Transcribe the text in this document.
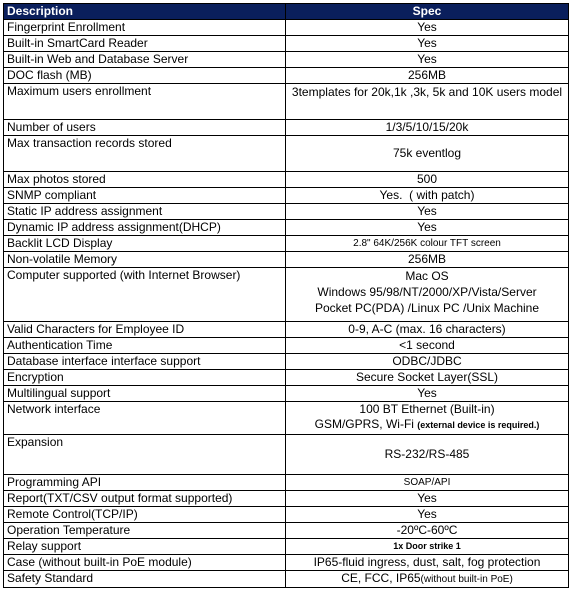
Description	Spec
Fingerprint Enrollment	Yes
Built-in SmartCard Reader	Yes
Built-in Web and Database Server	Yes
DOC flash (MB)	256MB
Maximum users enrollment	3templates for 20k,1k ,3k, 5k and 10K users model
Number of users	1/3/5/10/15/20k
Max transaction records stored	75k eventlog
Max photos stored	500
SNMP compliant	Yes.  ( with patch)
Static IP address assignment	Yes
Dynamic IP address assignment(DHCP)	Yes
Backlit LCD Display	2.8" 64K/256K colour TFT screen
Non-volatile Memory	256MB
Computer supported (with Internet Browser)	Mac OS
Windows 95/98/NT/2000/XP/Vista/Server
Pocket PC(PDA) /Linux PC /Unix Machine

Valid Characters for Employee ID	0-9, A-C (max. 16 characters)
Authentication Time	<1 second
Database interface interface support	ODBC/JDBC
Encryption	Secure Socket Layer(SSL)
Multilingual support	Yes
Network interface	100 BT Ethernet (Built-in)
GSM/GPRS, Wi-Fi (external device is required.)

Expansion	RS-232/RS-485
Programming API	SOAP/API
Report(TXT/CSV output format supported)	Yes
Remote Control(TCP/IP)	Yes
Operation Temperature	-20ºC-60ºC
Relay support	1x Door strike 1
Case (without built-in PoE module)	IP65-fluid ingress, dust, salt, fog protection
Safety Standard	CE, FCC, IP65(without built-in PoE)
